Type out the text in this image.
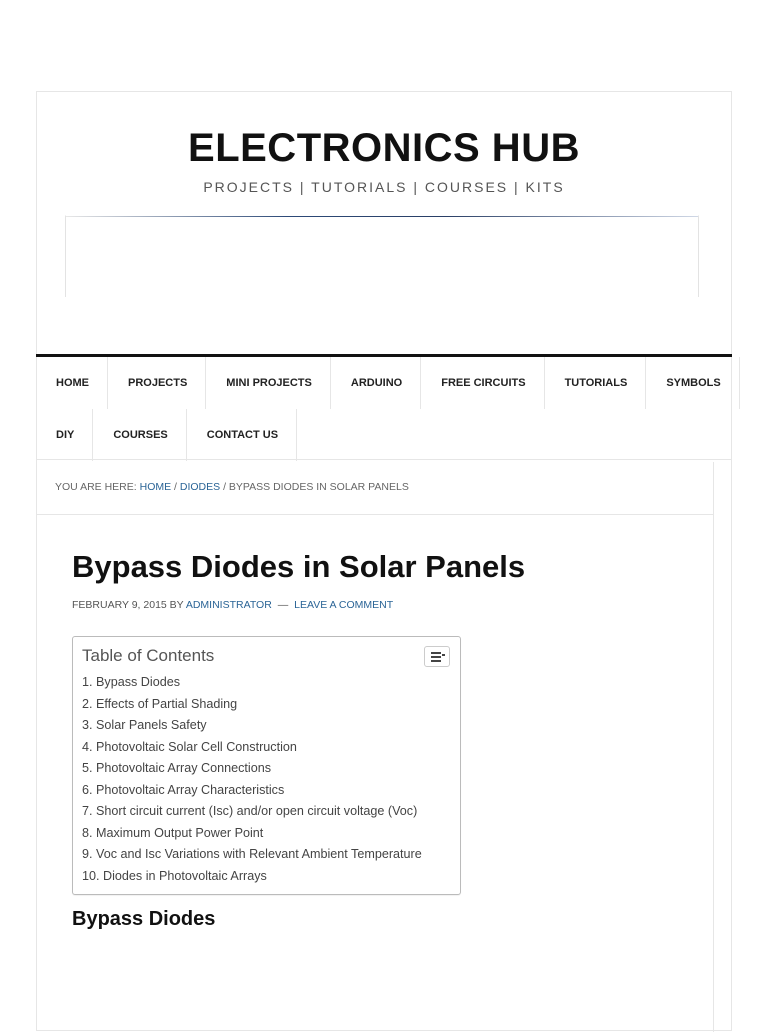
ELECTRONICS HUB
PROJECTS | TUTORIALS | COURSES | KITS
HOME	PROJECTS	MINI PROJECTS	ARDUINO	FREE CIRCUITS	TUTORIALS	SYMBOLS
DIY	COURSES	CONTACT US
YOU ARE HERE: HOME / DIODES / BYPASS DIODES IN SOLAR PANELS
Bypass Diodes in Solar Panels
FEBRUARY 9, 2015 BY ADMINISTRATOR — LEAVE A COMMENT
Table of Contents
1. Bypass Diodes
2. Effects of Partial Shading
3. Solar Panels Safety
4. Photovoltaic Solar Cell Construction
5. Photovoltaic Array Connections
6. Photovoltaic Array Characteristics
7. Short circuit current (Isc) and/or open circuit voltage (Voc)
8. Maximum Output Power Point
9. Voc and Isc Variations with Relevant Ambient Temperature
10. Diodes in Photovoltaic Arrays
Bypass Diodes
